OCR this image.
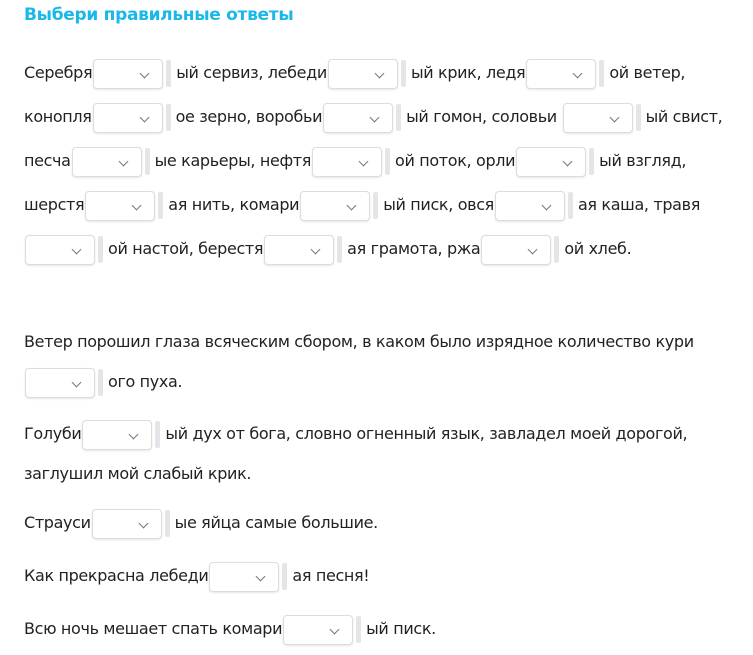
Выбери правильные ответы
Серебря	ый сервиз, лебеди	ый крик, ледя	ой ветер, конопля	ое зерно, воробьи	ый гомон, соловьи	ый свист, песча	ые карьеры, нефтя	ой поток, орли	ый взгляд, шерстя	ая нить, комари	ый писк, овся	ая каша, травя
ой настой, берестя	ая грамота, ржа	ой хлеб.
Ветер порошил глаза всяческим сбором, в каком было изрядное количество кури
ого пуха.
Голуби	ый дух от бога, словно огненный язык, завладел моей дорогой, заглушил мой слабый крик.
Страуси	ые яйца самые большие.
Как прекрасна лебеди	ая песня!
Всю ночь мешает спать комари	ый писк.
